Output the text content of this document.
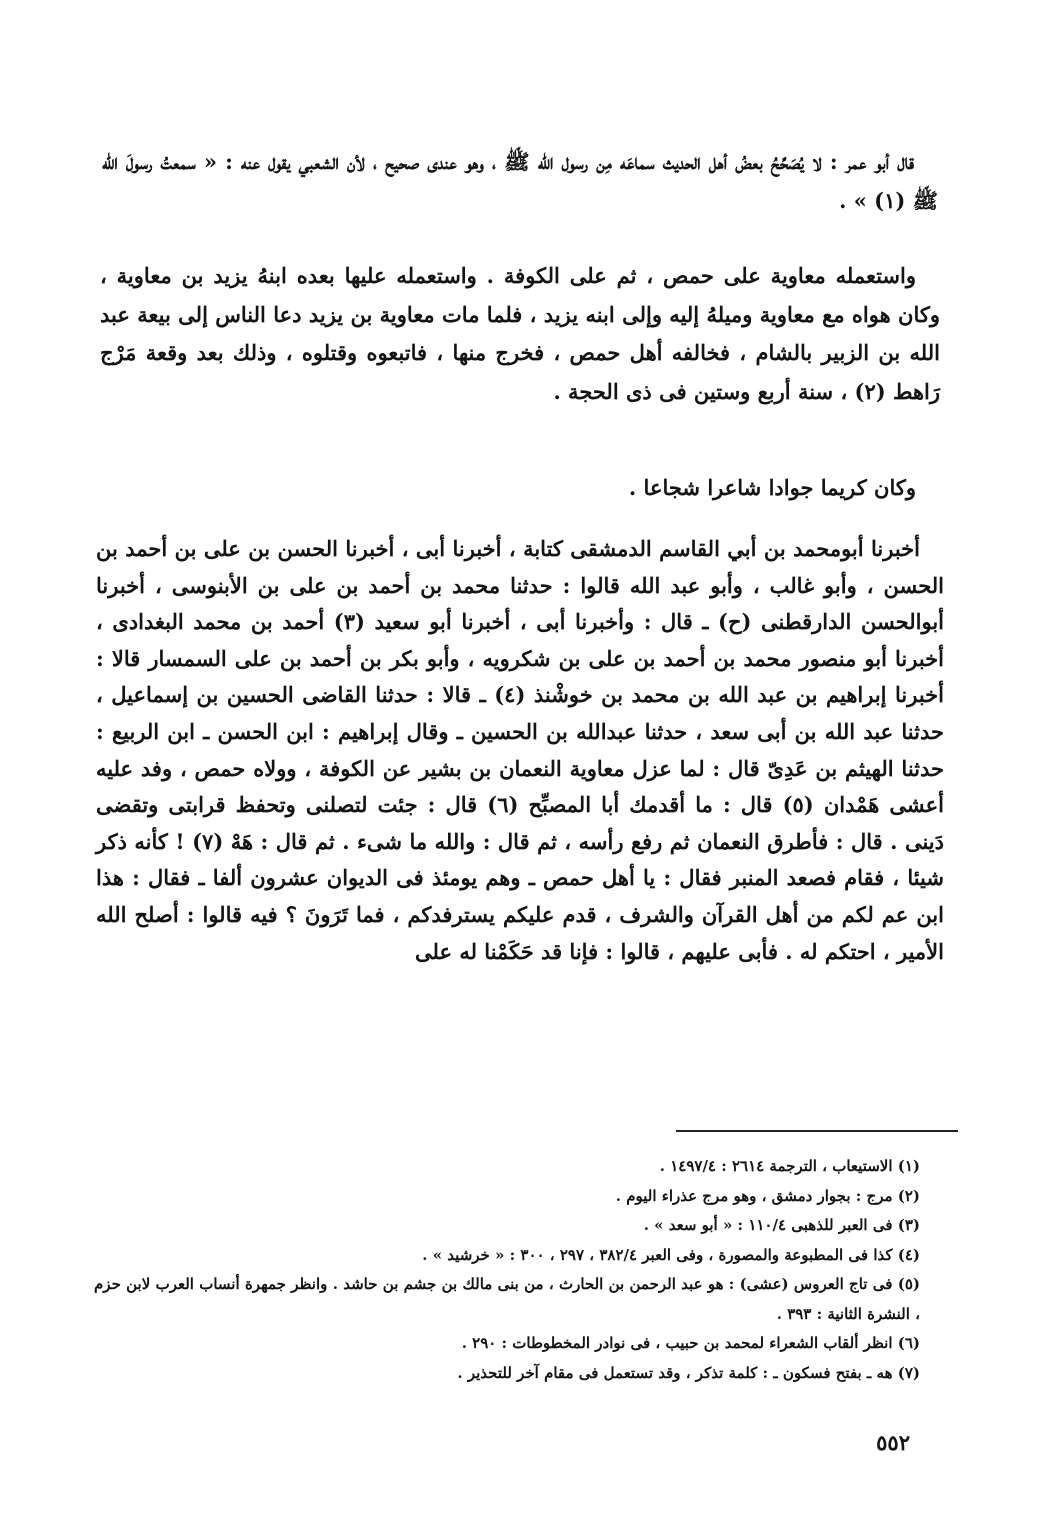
قال أبو عمر : لا يُصَحِّحُ بعضُ أهل الحديث سماعَه مِن رسول الله ﷺ ، وهو عندى صحيح ، لأن الشعبي يقول عنه : « سمعتُ رسولَ الله ﷺ (١) » .

واستعمله معاوية على حمص ، ثم على الكوفة . واستعمله عليها بعده ابنهُ يزيد بن معاوية ، وكان هواه مع معاوية وميلهُ إليه وإلى ابنه يزيد ، فلما مات معاوية بن يزيد دعا الناس إلى بيعة عبد الله بن الزبير بالشام ، فخالفه أهل حمص ، فخرج منها ، فاتبعوه وقتلوه ، وذلك بعد وقعة مَرْج رَاهط (٢) ، سنة أربع وستين فى ذى الحجة .

وكان كريما جوادا شاعرا شجاعا .

أخبرنا أبومحمد بن أبي القاسم الدمشقى كتابة ، أخبرنا أبى ، أخبرنا الحسن بن على بن أحمد بن الحسن ، وأبو غالب ، وأبو عبد الله قالوا : حدثنا محمد بن أحمد بن على بن الأبنوسى ، أخبرنا أبوالحسن الدارقطنى (ح) ـ قال : وأخبرنا أبى ، أخبرنا أبو سعيد (٣) أحمد بن محمد البغدادى ، أخبرنا أبو منصور محمد بن أحمد بن على بن شكرويه ، وأبو بكر بن أحمد بن على السمسار قالا : أخبرنا إبراهيم بن عبد الله بن محمد بن خوشْنذ (٤) ـ قالا : حدثنا القاضى الحسين بن إسماعيل ، حدثنا عبد الله بن أبى سعد ، حدثنا عبدالله بن الحسين ـ وقال إبراهيم : ابن الحسن ـ ابن الربيع : حدثنا الهيثم بن عَدِىّ قال : لما عزل معاوية النعمان بن بشير عن الكوفة ، وولاه حمص ، وفد عليه أعشى هَمْدان (٥) قال : ما أقدمك أبا المصبِّح (٦) قال : جئت لتصلنى وتحفظ قرابتى وتقضى دَينى . قال : فأطرق النعمان ثم رفع رأسه ، ثم قال : والله ما شىء . ثم قال : هَهْ (٧) ! كأنه ذكر شيئا ، فقام فصعد المنبر فقال : يا أهل حمص ـ وهم يومئذ فى الديوان عشرون ألفا ـ فقال : هذا ابن عم لكم من أهل القرآن والشرف ، قدم عليكم يسترفدكم ، فما تَرَونَ ؟ فيه قالوا : أصلح الله الأمير ، احتكم له . فأبى عليهم ، قالوا : فإنا قد حَكَمْنا له على

(١) الاستيعاب ، الترجمة ٢٦١٤ : ١٤٩٧/٤ .
(٢) مرج : بجوار دمشق ، وهو مرج عذراء اليوم .
(٣) فى العبر للذهبى ١١٠/٤ : « أبو سعد » .
(٤) كذا فى المطبوعة والمصورة ، وفى العبر ٣٨٢/٤ ، ٢٩٧ ، ٣٠٠ : « خرشيد » .
(٥) فى تاج العروس (عشى) : هو عبد الرحمن بن الحارث ، من بنى مالك بن جشم بن حاشد . وانظر جمهرة أنساب العرب لابن حزم ، النشرة الثانية : ٣٩٣ .
(٦) انظر ألقاب الشعراء لمحمد بن حبيب ، فى نوادر المخطوطات : ٢٩٠ .
(٧) هه ـ بفتح فسكون ـ : كلمة تذكر ، وقد تستعمل فى مقام آخر للتحذير .
٥٥٢
